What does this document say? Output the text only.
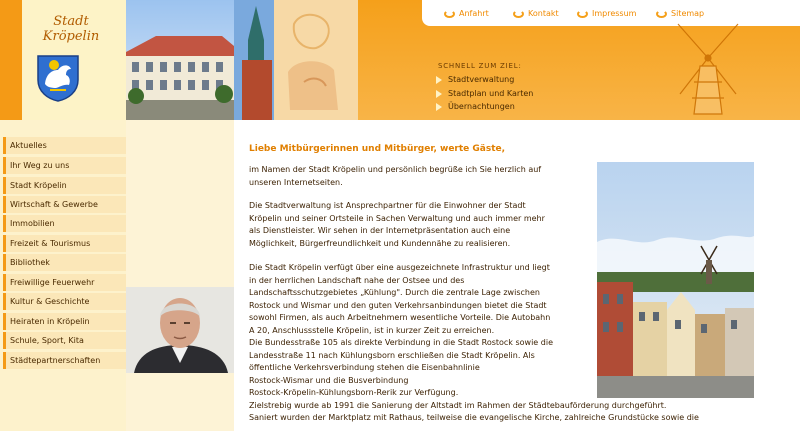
Stadt
Kröpelin
Anfahrt	Kontakt	Impressum	Sitemap
SCHNELL ZUM ZIEL:
Stadtverwaltung
Stadtplan und Karten
Übernachtungen
Aktuelles
Ihr Weg zu uns
Stadt Kröpelin
Wirtschaft & Gewerbe
Immobilien
Freizeit & Tourismus
Bibliothek
Freiwillige Feuerwehr
Kultur & Geschichte
Heiraten in Kröpelin
Schule, Sport, Kita
Städtepartnerschaften
Liebe Mitbürgerinnen und Mitbürger, werte Gäste,
im Namen der Stadt Kröpelin und persönlich begrüße ich Sie herzlich auf
unseren Internetseiten.
Die Stadtverwaltung ist Ansprechpartner für die Einwohner der Stadt
Kröpelin und seiner Ortsteile in Sachen Verwaltung und auch immer mehr
als Dienstleister. Wir sehen in der Internetpräsentation auch eine
Möglichkeit, Bürgerfreundlichkeit und Kundennähe zu realisieren.
Die Stadt Kröpelin verfügt über eine ausgezeichnete Infrastruktur und liegt
in der herrlichen Landschaft nahe der Ostsee und des
Landschaftsschutzgebietes „Kühlung". Durch die zentrale Lage zwischen
Rostock und Wismar und den guten Verkehrsanbindungen bietet die Stadt
sowohl Firmen, als auch Arbeitnehmern wesentliche Vorteile. Die Autobahn
A 20, Anschlussstelle Kröpelin, ist in kurzer Zeit zu erreichen.
Die Bundesstraße 105 als direkte Verbindung in die Stadt Rostock sowie die
Landesstraße 11 nach Kühlungsborn erschließen die Stadt Kröpelin. Als
öffentliche Verkehrsverbindung stehen die Eisenbahnlinie
Rostock-Wismar und die Busverbindung
Rostock-Kröpelin-Kühlungsborn-Rerik zur Verfügung.
Zielstrebig wurde ab 1991 die Sanierung der Altstadt im Rahmen der Städtebauförderung durchgeführt.
Saniert wurden der Marktplatz mit Rathaus, teilweise die evangelische Kirche, zahlreiche Grundstücke sowie die
